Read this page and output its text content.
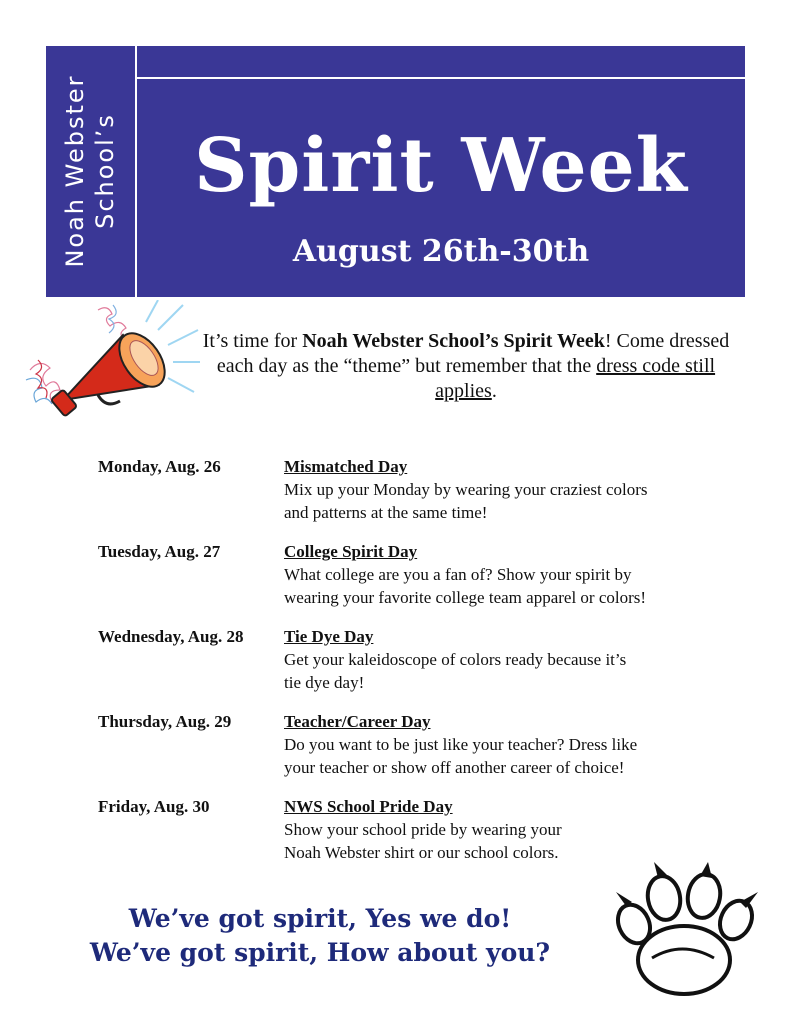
Noah Webster School’s	Spirit Week
August 26th-30th
It’s time for Noah Webster School’s Spirit Week! Come dressed each day as the “theme” but remember that the dress code still applies.
Monday, Aug. 26	Mismatched Day
Mix up your Monday by wearing your craziest colors
and patterns at the same time!
Tuesday, Aug. 27	College Spirit Day
What college are you a fan of? Show your spirit by
wearing your favorite college team apparel or colors!
Wednesday, Aug. 28 Tie Dye Day
Get your kaleidoscope of colors ready because it’s
tie dye day!
Thursday, Aug. 29	Teacher/Career Day
Do you want to be just like your teacher? Dress like
your teacher or show off another career of choice!
Friday, Aug. 30	NWS School Pride Day
Show your school pride by wearing your
Noah Webster shirt or our school colors.
We’ve got spirit, Yes we do!
We’ve got spirit, How about you?
